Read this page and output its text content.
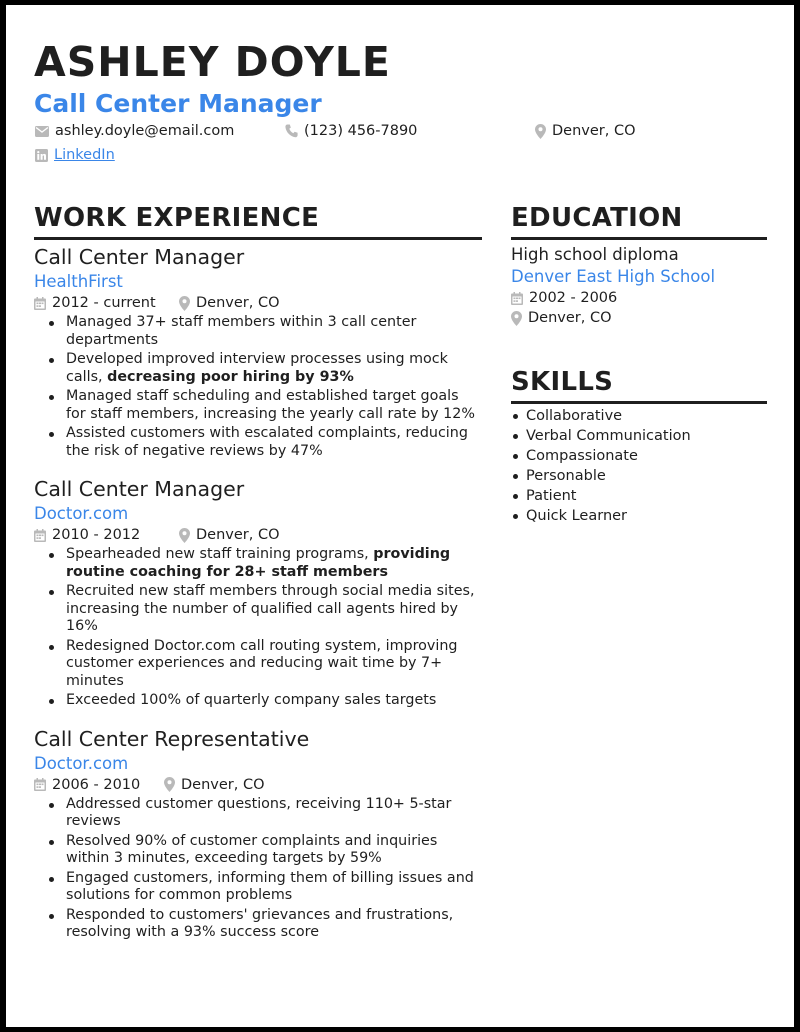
ASHLEY DOYLE
Call Center Manager
ashley.doyle@email.com	(123) 456-7890	Denver, CO
LinkedIn
WORK EXPERIENCE
Call Center Manager
HealthFirst
2012 - current	Denver, CO
Managed 37+ staff members within 3 call center departments
Developed improved interview processes using mock calls, decreasing poor hiring by 93%
Managed staff scheduling and established target goals for staff members, increasing the yearly call rate by 12%
Assisted customers with escalated complaints, reducing the risk of negative reviews by 47%
Call Center Manager
Doctor.com
2010 - 2012	Denver, CO
Spearheaded new staff training programs, providing routine coaching for 28+ staff members
Recruited new staff members through social media sites, increasing the number of qualified call agents hired by 16%
Redesigned Doctor.com call routing system, improving customer experiences and reducing wait time by 7+ minutes
Exceeded 100% of quarterly company sales targets
Call Center Representative
Doctor.com
2006 - 2010	Denver, CO
Addressed customer questions, receiving 110+ 5-star reviews
Resolved 90% of customer complaints and inquiries within 3 minutes, exceeding targets by 59%
Engaged customers, informing them of billing issues and solutions for common problems
Responded to customers' grievances and frustrations, resolving with a 93% success score
EDUCATION
High school diploma
Denver East High School
2002 - 2006
Denver, CO
SKILLS
Collaborative
Verbal Communication
Compassionate
Personable
Patient
Quick Learner
